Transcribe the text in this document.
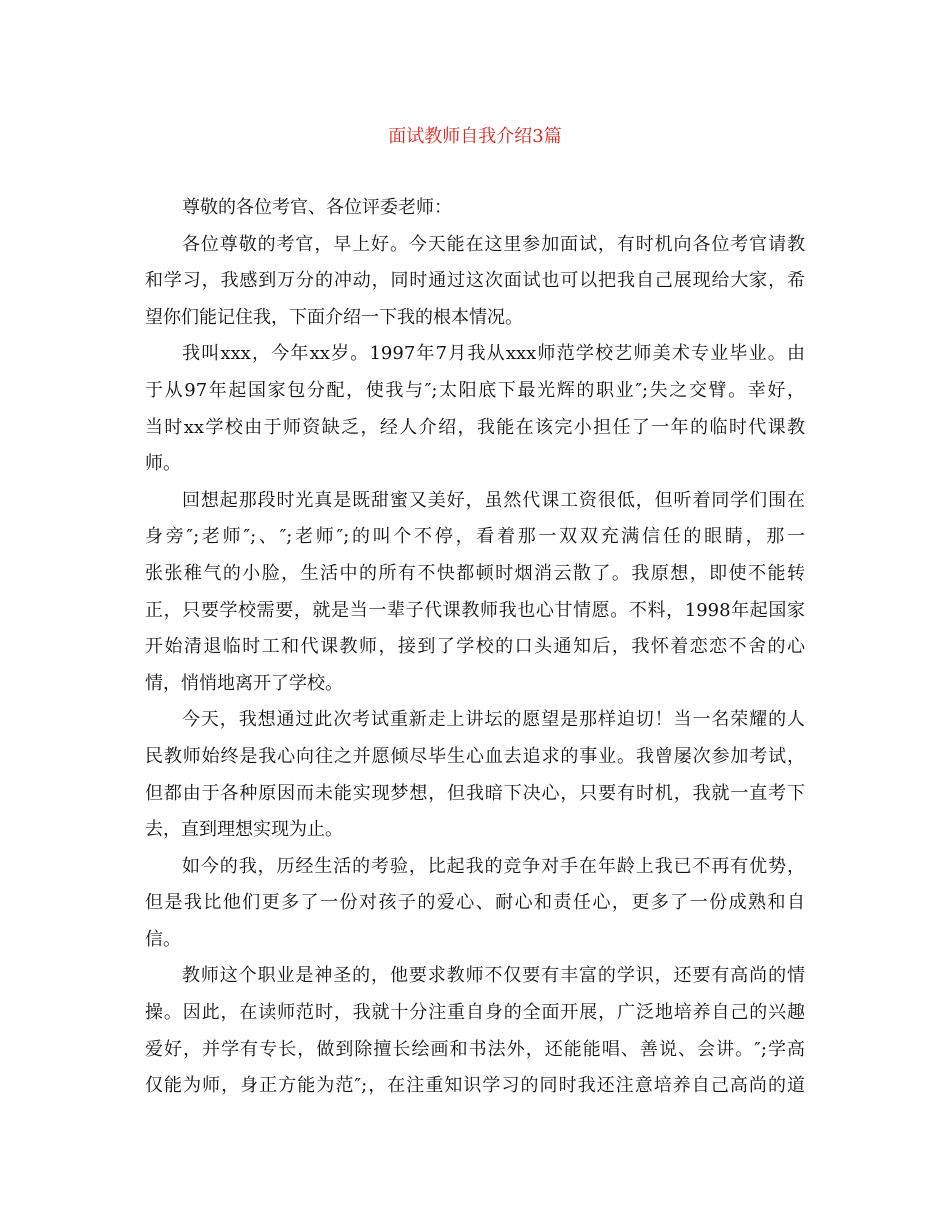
面试教师自我介绍3篇
尊敬的各位考官、各位评委老师：
各位尊敬的考官，早上好。今天能在这里参加面试，有时机向各位考官请教
和学习，我感到万分的冲动，同时通过这次面试也可以把我自己展现给大家，希
望你们能记住我，下面介绍一下我的根本情况。
我叫xxx，今年xx岁。1997年7月我从xxx师范学校艺师美术专业毕业。由
于从97年起国家包分配，使我与″;太阳底下最光辉的职业″;失之交臂。幸好，
当时xx学校由于师资缺乏，经人介绍，我能在该完小担任了一年的临时代课教
师。
回想起那段时光真是既甜蜜又美好，虽然代课工资很低，但听着同学们围在
身旁″;老师″;、″;老师″;的叫个不停，看着那一双双充满信任的眼睛，那一
张张稚气的小脸，生活中的所有不快都顿时烟消云散了。我原想，即使不能转
正，只要学校需要，就是当一辈子代课教师我也心甘情愿。不料，1998年起国家
开始清退临时工和代课教师，接到了学校的口头通知后，我怀着恋恋不舍的心
情，悄悄地离开了学校。
今天，我想通过此次考试重新走上讲坛的愿望是那样迫切！当一名荣耀的人
民教师始终是我心向往之并愿倾尽毕生心血去追求的事业。我曾屡次参加考试，
但都由于各种原因而未能实现梦想，但我暗下决心，只要有时机，我就一直考下
去，直到理想实现为止。
如今的我，历经生活的考验，比起我的竞争对手在年龄上我已不再有优势，
但是我比他们更多了一份对孩子的爱心、耐心和责任心，更多了一份成熟和自
信。
教师这个职业是神圣的，他要求教师不仅要有丰富的学识，还要有高尚的情
操。因此，在读师范时，我就十分注重自身的全面开展，广泛地培养自己的兴趣
爱好，并学有专长，做到除擅长绘画和书法外，还能能唱、善说、会讲。″;学高
仅能为师，身正方能为范″;，在注重知识学习的同时我还注意培养自己高尚的道
